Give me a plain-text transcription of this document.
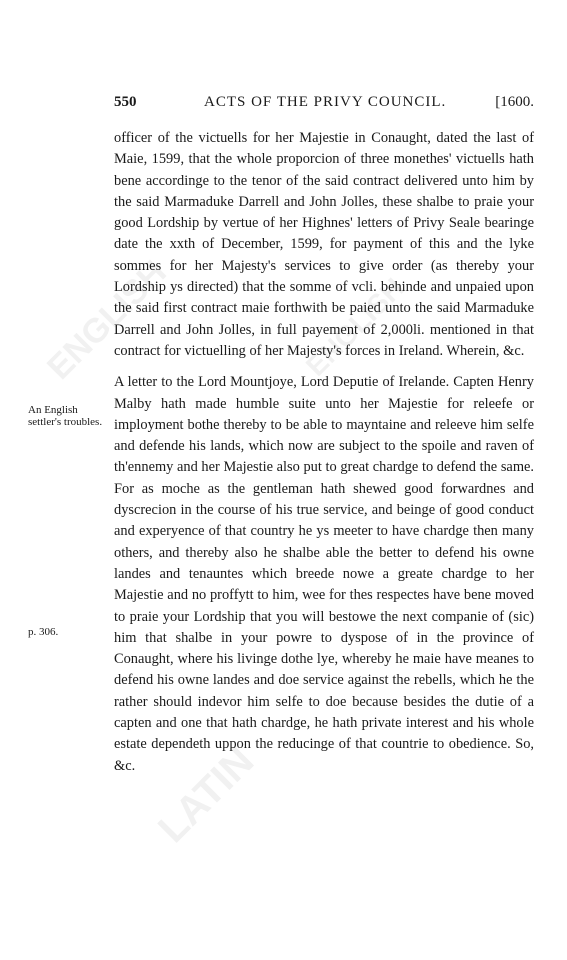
ENGLISH
LATIN
ENGLISH
550	ACTS OF THE PRIVY COUNCIL.	[1600.
An English settler's troubles.
p. 306.

officer of the victuells for her Majestie in Conaught, dated the last of Maie, 1599, that the whole proporcion of three monethes' victuells hath bene accordinge to the tenor of the said contract delivered unto him by the said Marmaduke Darrell and John Jolles, these shalbe to praie your good Lordship by vertue of her Highnes' letters of Privy Seale bearinge date the xxth of December, 1599, for payment of this and the lyke sommes for her Majesty's services to give order (as thereby your Lordship ys directed) that the somme of vcli. behinde and unpaied upon the said first contract maie forthwith be paied unto the said Marmaduke Darrell and John Jolles, in full payement of 2,000li. mentioned in that contract for victuelling of her Majesty's forces in Ireland. Wherein, &c.

A letter to the Lord Mountjoye, Lord Deputie of Irelande. Capten Henry Malby hath made humble suite unto her Majestie for releefe or imployment bothe thereby to be able to mayntaine and releeve him selfe and defende his lands, which now are subject to the spoile and raven of th'ennemy and her Majestie also put to great chardge to defend the same. For as moche as the gentleman hath shewed good forwardnes and dyscrecion in the course of his true service, and beinge of good conduct and experyence of that country he ys meeter to have chardge then many others, and thereby also he shalbe able the better to defend his owne landes and tenauntes which breede nowe a greate chardge to her Majestie and no proffytt to him, wee for thes respectes have bene moved to praie your Lordship that you will bestowe the next companie of (sic) him that shalbe in your powre to dyspose of in the province of Conaught, where his livinge dothe lye, whereby he maie have meanes to defend his owne landes and doe service against the rebells, which he the rather should indevor him selfe to doe because besides the dutie of a capten and one that hath chardge, he hath private interest and his whole estate dependeth uppon the reducinge of that countrie to obedience. So, &c.
